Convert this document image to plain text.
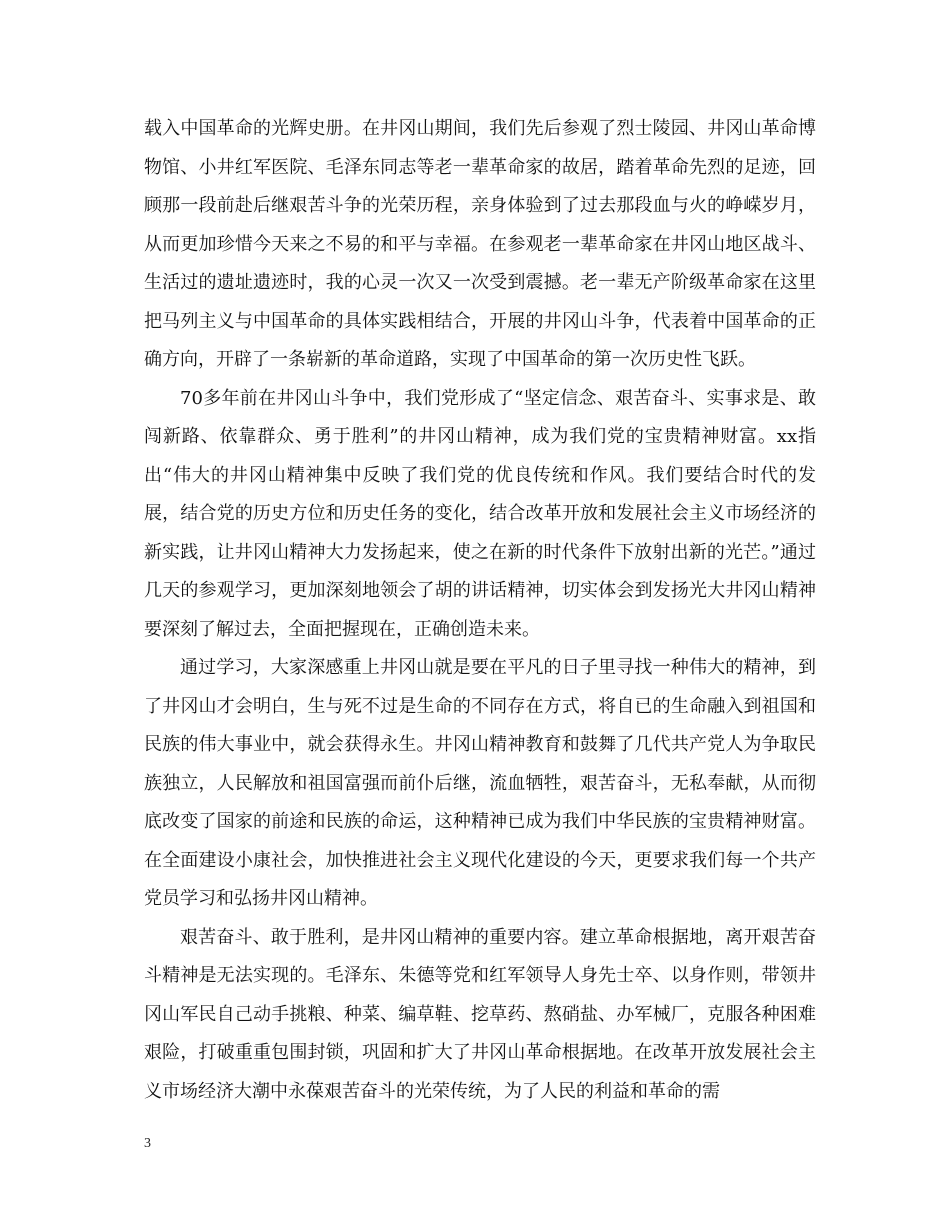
载入中国革命的光辉史册。在井冈山期间，我们先后参观了烈士陵园、井冈山革命博物馆、小井红军医院、毛泽东同志等老一辈革命家的故居，踏着革命先烈的足迹，回顾那一段前赴后继艰苦斗争的光荣历程，亲身体验到了过去那段血与火的峥嵘岁月，从而更加珍惜今天来之不易的和平与幸福。在参观老一辈革命家在井冈山地区战斗、生活过的遗址遗迹时，我的心灵一次又一次受到震撼。老一辈无产阶级革命家在这里把马列主义与中国革命的具体实践相结合，开展的井冈山斗争，代表着中国革命的正确方向，开辟了一条崭新的革命道路，实现了中国革命的第一次历史性飞跃。

70多年前在井冈山斗争中，我们党形成了“坚定信念、艰苦奋斗、实事求是、敢闯新路、依靠群众、勇于胜利”的井冈山精神，成为我们党的宝贵精神财富。xx指出“伟大的井冈山精神集中反映了我们党的优良传统和作风。我们要结合时代的发展，结合党的历史方位和历史任务的变化，结合改革开放和发展社会主义市场经济的新实践，让井冈山精神大力发扬起来，使之在新的时代条件下放射出新的光芒。”通过几天的参观学习，更加深刻地领会了胡的讲话精神，切实体会到发扬光大井冈山精神要深刻了解过去，全面把握现在，正确创造未来。

通过学习，大家深感重上井冈山就是要在平凡的日子里寻找一种伟大的精神，到了井冈山才会明白，生与死不过是生命的不同存在方式，将自已的生命融入到祖国和民族的伟大事业中，就会获得永生。井冈山精神教育和鼓舞了几代共产党人为争取民族独立，人民解放和祖国富强而前仆后继，流血牺牲，艰苦奋斗，无私奉献，从而彻底改变了国家的前途和民族的命运，这种精神已成为我们中华民族的宝贵精神财富。在全面建设小康社会，加快推进社会主义现代化建设的今天，更要求我们每一个共产党员学习和弘扬井冈山精神。

艰苦奋斗、敢于胜利，是井冈山精神的重要内容。建立革命根据地，离开艰苦奋斗精神是无法实现的。毛泽东、朱德等党和红军领导人身先士卒、以身作则，带领井冈山军民自己动手挑粮、种菜、编草鞋、挖草药、熬硝盐、办军械厂，克服各种困难艰险，打破重重包围封锁，巩固和扩大了井冈山革命根据地。在改革开放发展社会主义市场经济大潮中永葆艰苦奋斗的光荣传统，为了人民的利益和革命的需

3
